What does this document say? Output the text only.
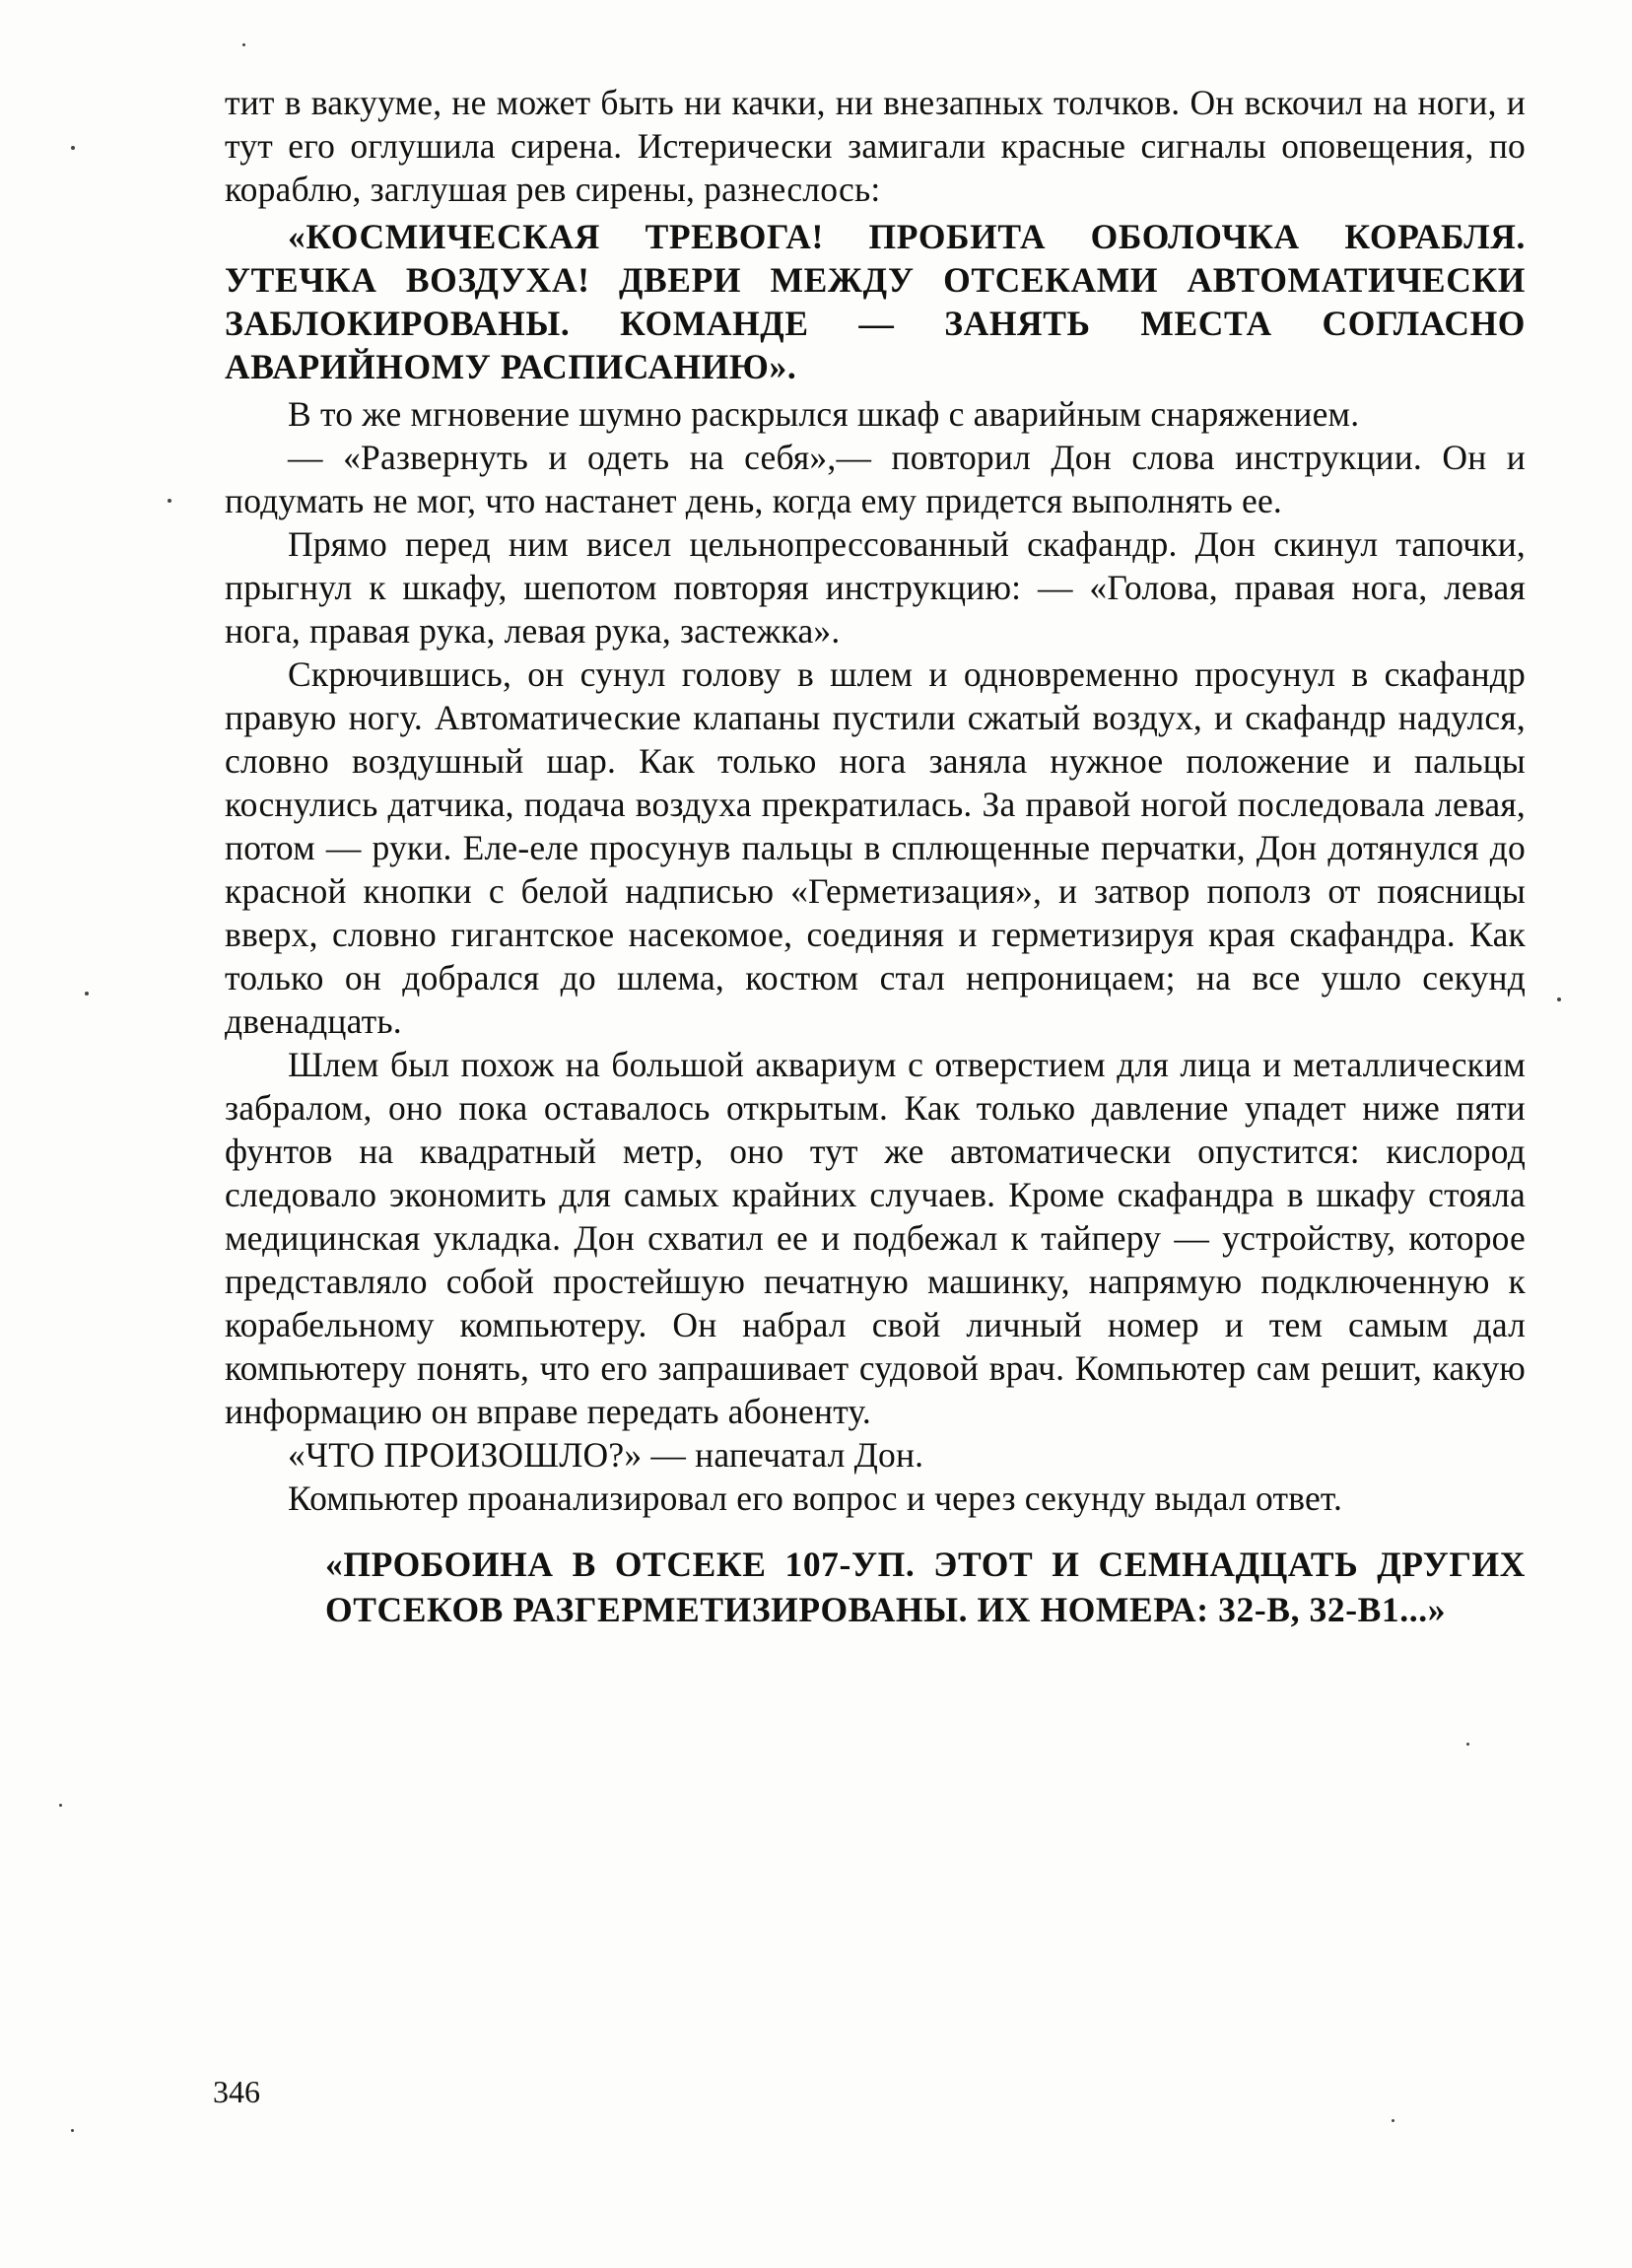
тит в вакууме, не может быть ни качки, ни внезапных толчков. Он вскочил на ноги, и тут его оглушила сирена. Истерически замигали красные сигналы оповещения, по кораблю, заглушая рев сирены, разнеслось:

«КОСМИЧЕСКАЯ ТРЕВОГА! ПРОБИТА ОБОЛОЧКА КОРАБЛЯ. УТЕЧКА ВОЗДУХА! ДВЕРИ МЕЖДУ ОТСЕКАМИ АВТОМАТИЧЕСКИ ЗАБЛОКИРОВАНЫ. КОМАНДЕ — ЗАНЯТЬ МЕСТА СОГЛАСНО АВАРИЙНОМУ РАСПИСАНИЮ».

В то же мгновение шумно раскрылся шкаф с аварийным снаряжением.

— «Развернуть и одеть на себя»,— повторил Дон слова инструкции. Он и подумать не мог, что настанет день, когда ему придется выполнять ее.

Прямо перед ним висел цельнопрессованный скафандр. Дон скинул тапочки, прыгнул к шкафу, шепотом повторяя инструкцию: — «Голова, правая нога, левая нога, правая рука, левая рука, застежка».

Скрючившись, он сунул голову в шлем и одновременно просунул в скафандр правую ногу. Автоматические клапаны пустили сжатый воздух, и скафандр надулся, словно воздушный шар. Как только нога заняла нужное положение и пальцы коснулись датчика, подача воздуха прекратилась. За правой ногой последовала левая, потом — руки. Еле-еле просунув пальцы в сплющенные перчатки, Дон дотянулся до красной кнопки с белой надписью «Герметизация», и затвор пополз от поясницы вверх, словно гигантское насекомое, соединяя и герметизируя края скафандра. Как только он добрался до шлема, костюм стал непроницаем; на все ушло секунд двенадцать.

Шлем был похож на большой аквариум с отверстием для лица и металлическим забралом, оно пока оставалось открытым. Как только давление упадет ниже пяти фунтов на квадратный метр, оно тут же автоматически опустится: кислород следовало экономить для самых крайних случаев. Кроме скафандра в шкафу стояла медицинская укладка. Дон схватил ее и подбежал к тайперу — устройству, которое представляло собой простейшую печатную машинку, напрямую подключенную к корабельному компьютеру. Он набрал свой личный номер и тем самым дал компьютеру понять, что его запрашивает судовой врач. Компьютер сам решит, какую информацию он вправе передать абоненту.

«ЧТО ПРОИЗОШЛО?» — напечатал Дон.

Компьютер проанализировал его вопрос и через секунду выдал ответ.

«ПРОБОИНА В ОТСЕКЕ 107-УП. ЭТОТ И СЕМНАДЦАТЬ ДРУГИХ ОТСЕКОВ РАЗГЕРМЕТИЗИРОВАНЫ. ИХ НОМЕРА: 32-В, 32-В1...»

346
